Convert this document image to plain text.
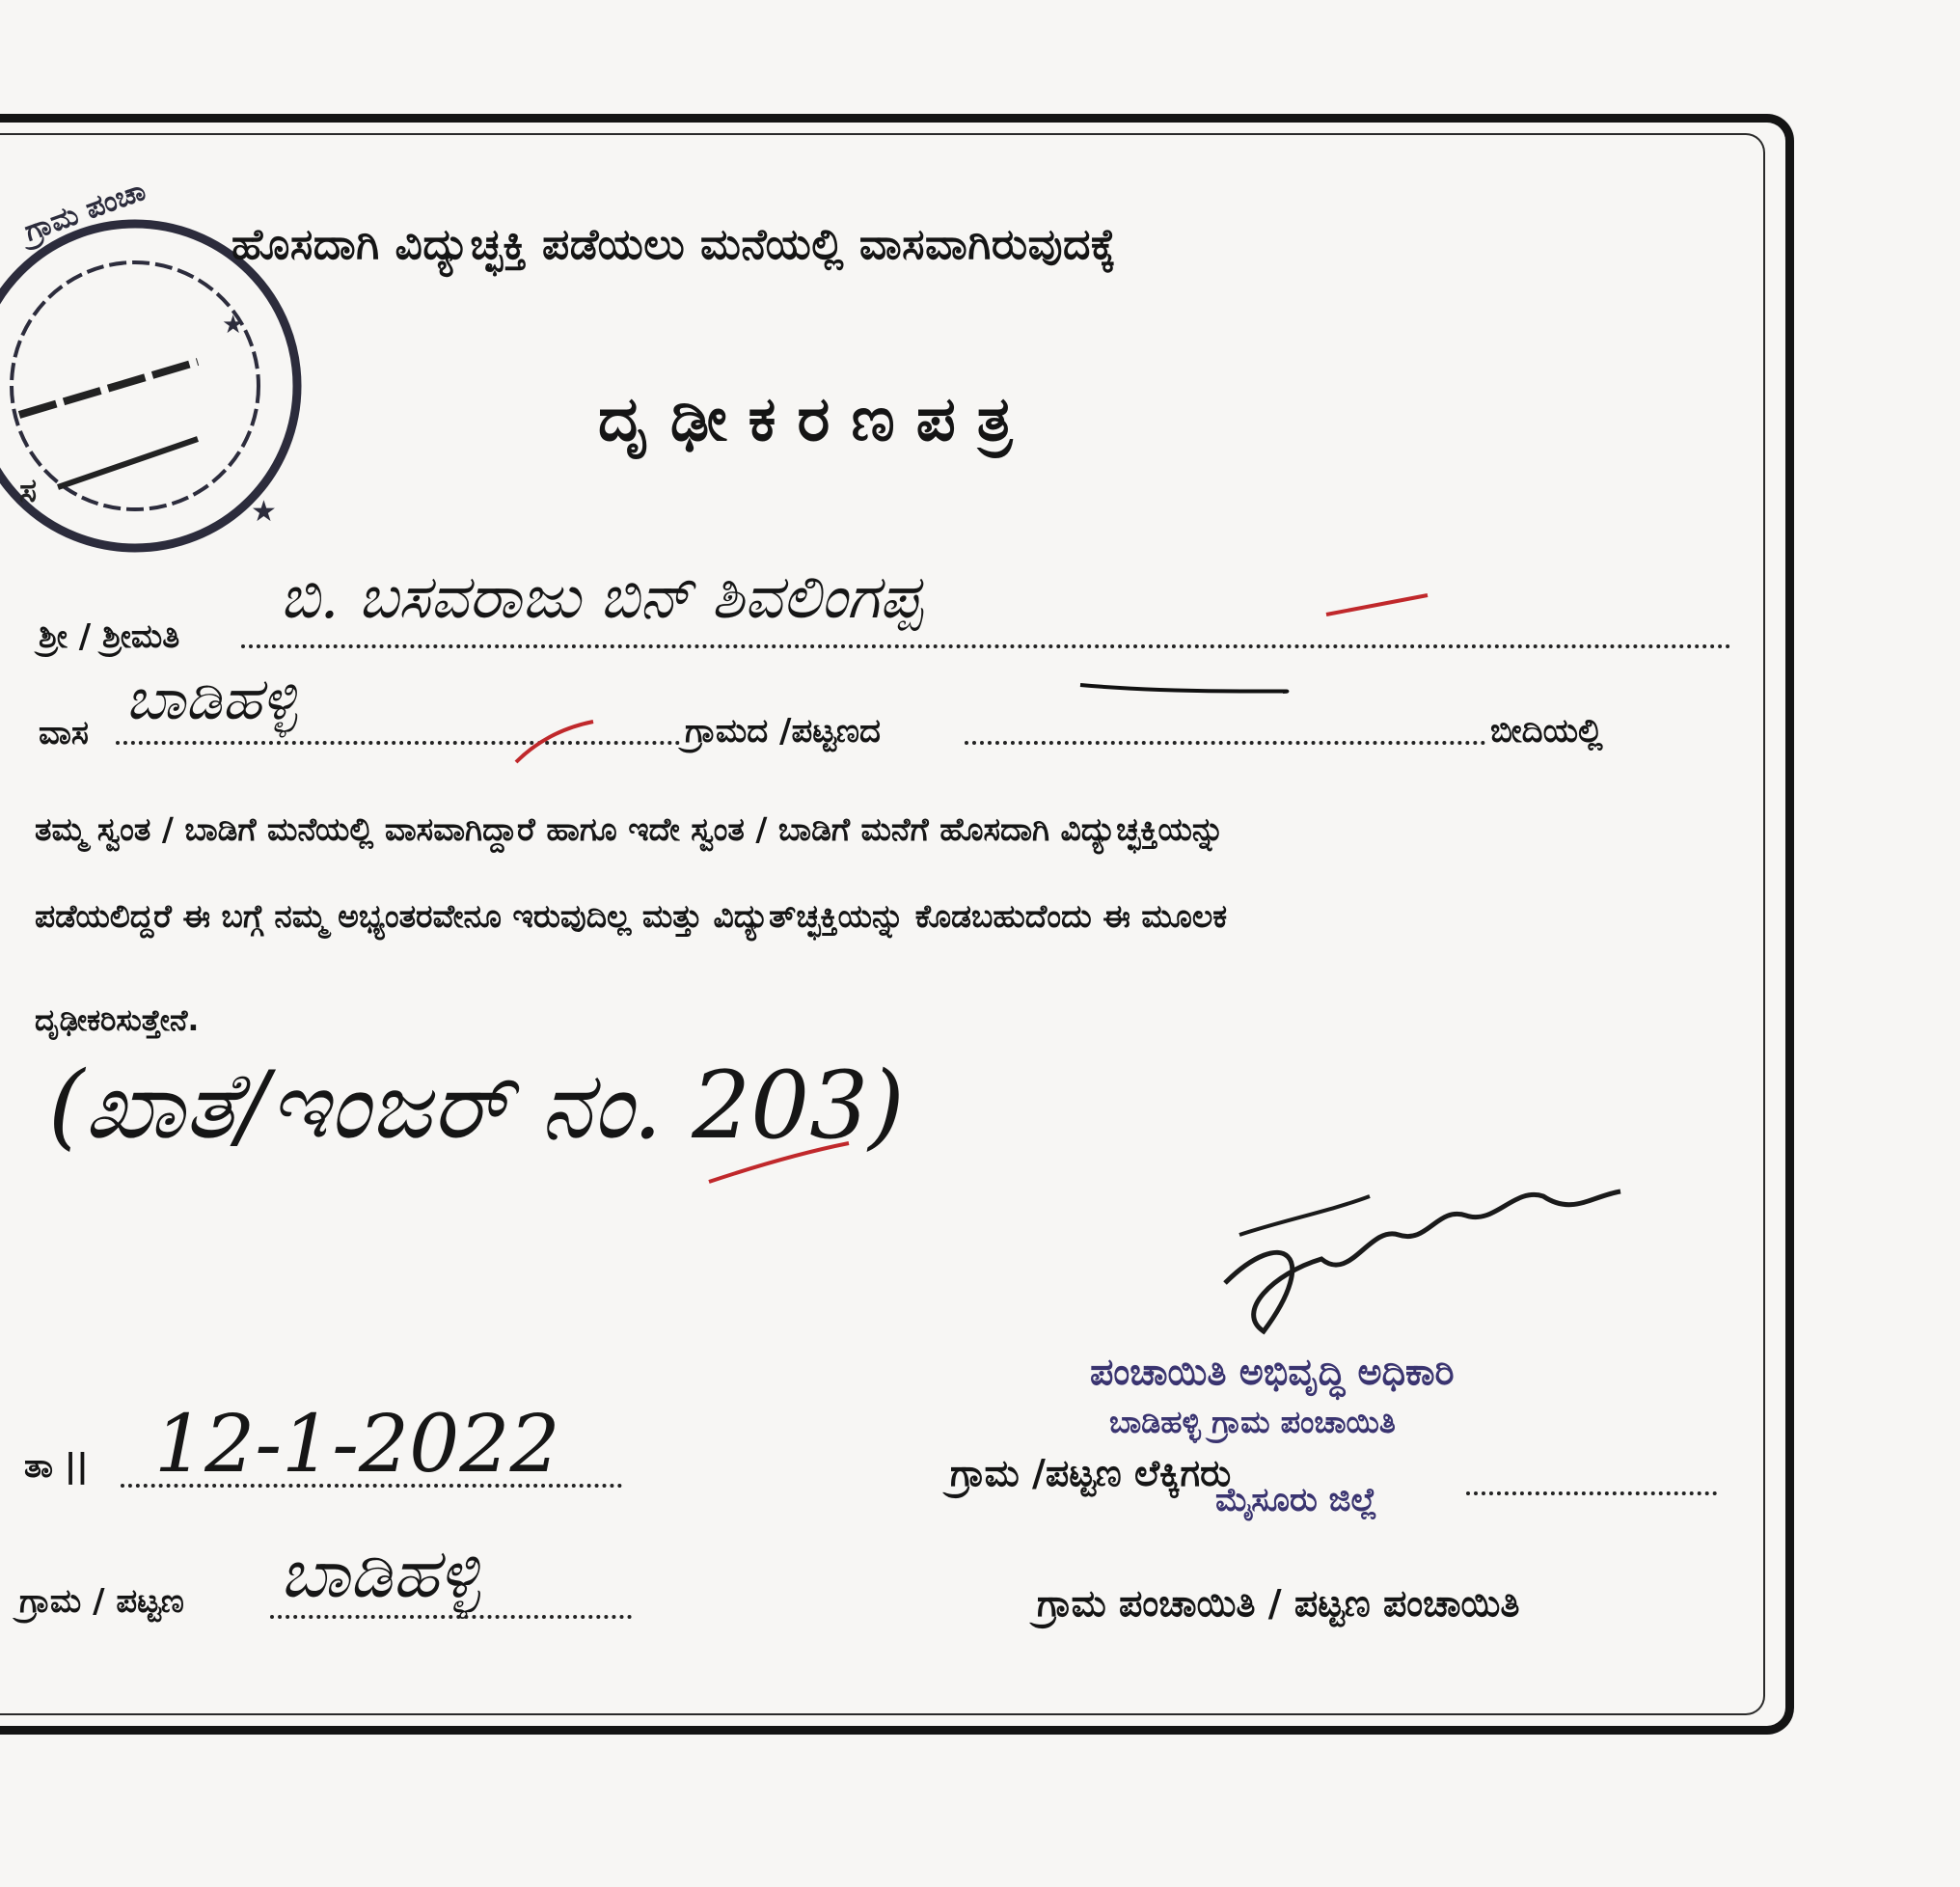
ಗ್ರಾಮ ಪಂಚಾ
ಸ
★
★
ಹೊಸದಾಗಿ ವಿದ್ಯುಚ್ಛಕ್ತಿ ಪಡೆಯಲು ಮನೆಯಲ್ಲಿ ವಾಸವಾಗಿರುವುದಕ್ಕೆ
ದೃಢೀಕರಣಪತ್ರ
ಶ್ರೀ / ಶ್ರೀಮತಿ
ಬಿ. ಬಸವರಾಜು ಬಿನ್ ಶಿವಲಿಂಗಪ್ಪ
ವಾಸ ಬಾಡಿಹಳ್ಳಿ	ಗ್ರಾಮದ /ಪಟ್ಟಣದ	ಬೀದಿಯಲ್ಲಿ
ತಮ್ಮ ಸ್ವಂತ / ಬಾಡಿಗೆ ಮನೆಯಲ್ಲಿ ವಾಸವಾಗಿದ್ದಾರೆ ಹಾಗೂ ಇದೇ ಸ್ವಂತ / ಬಾಡಿಗೆ ಮನೆಗೆ ಹೊಸದಾಗಿ ವಿದ್ಯುಚ್ಛಕ್ತಿಯನ್ನು
ಪಡೆಯಲಿದ್ದರೆ ಈ ಬಗ್ಗೆ ನಮ್ಮ ಅಭ್ಯಂತರವೇನೂ ಇರುವುದಿಲ್ಲ ಮತ್ತು ವಿದ್ಯುತ್‌ಚ್ಛಕ್ತಿಯನ್ನು ಕೊಡಬಹುದೆಂದು ಈ ಮೂಲಕ
ದೃಢೀಕರಿಸುತ್ತೇನೆ.
(ಖಾತೆ/ಇಂಜರ್ ನಂ. 203)
ಪಂಚಾಯಿತಿ ಅಭಿವೃದ್ಧಿ ಅಧಿಕಾರಿ
ಬಾಡಿಹಳ್ಳಿ ಗ್ರಾಮ ಪಂಚಾಯಿತಿ
ಮೈಸೂರು ಜಿಲ್ಲೆ
ತಾ || 12-1-2022	ಗ್ರಾಮ /ಪಟ್ಟಣ ಲೆಕ್ಕಿಗರು
ಗ್ರಾಮ / ಪಟ್ಟಣ ಬಾಡಿಹಳ್ಳಿ	ಗ್ರಾಮ ಪಂಚಾಯಿತಿ / ಪಟ್ಟಣ ಪಂಚಾಯಿತಿ
